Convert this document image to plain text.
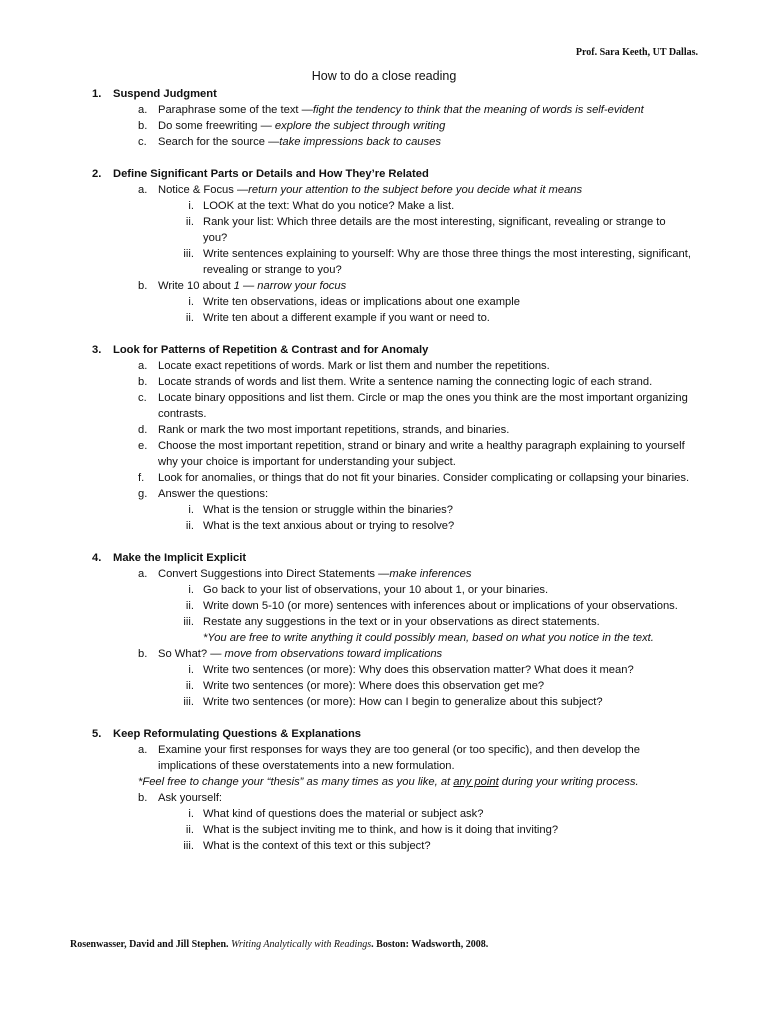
Prof. Sara Keeth, UT Dallas.

How to do a close reading
1. Suspend Judgment
a. Paraphrase some of the text —fight the tendency to think that the meaning of words is self-evident
b. Do some freewriting — explore the subject through writing
c. Search for the source —take impressions back to causes
2. Define Significant Parts or Details and How They’re Related
a. Notice & Focus —return your attention to the subject before you decide what it means
i. LOOK at the text: What do you notice? Make a list.
ii. Rank your list: Which three details are the most interesting, significant, revealing or strange to you?
iii. Write sentences explaining to yourself: Why are those three things the most interesting, significant, revealing or strange to you?
b. Write 10 about 1 — narrow your focus
i. Write ten observations, ideas or implications about one example
ii. Write ten about a different example if you want or need to.
3. Look for Patterns of Repetition & Contrast and for Anomaly
a. Locate exact repetitions of words. Mark or list them and number the repetitions.
b. Locate strands of words and list them. Write a sentence naming the connecting logic of each strand.
c. Locate binary oppositions and list them. Circle or map the ones you think are the most important organizing contrasts.
d. Rank or mark the two most important repetitions, strands, and binaries.
e. Choose the most important repetition, strand or binary and write a healthy paragraph explaining to yourself why your choice is important for understanding your subject.
f. Look for anomalies, or things that do not fit your binaries. Consider complicating or collapsing your binaries.
g. Answer the questions:
i. What is the tension or struggle within the binaries?
ii. What is the text anxious about or trying to resolve?
4. Make the Implicit Explicit
a. Convert Suggestions into Direct Statements —make inferences
i. Go back to your list of observations, your 10 about 1, or your binaries.
ii. Write down 5-10 (or more) sentences with inferences about or implications of your observations.
iii. Restate any suggestions in the text or in your observations as direct statements.
*You are free to write anything it could possibly mean, based on what you notice in the text.
b. So What? — move from observations toward implications
i. Write two sentences (or more): Why does this observation matter? What does it mean?
ii. Write two sentences (or more): Where does this observation get me?
iii. Write two sentences (or more): How can I begin to generalize about this subject?
5. Keep Reformulating Questions & Explanations
a. Examine your first responses for ways they are too general (or too specific), and then develop the implications of these overstatements into a new formulation.
*Feel free to change your “thesis” as many times as you like, at any point during your writing process.
b. Ask yourself:
i. What kind of questions does the material or subject ask?
ii. What is the subject inviting me to think, and how is it doing that inviting?
iii. What is the context of this text or this subject?

Rosenwasser, David and Jill Stephen. Writing Analytically with Readings. Boston: Wadsworth, 2008.
